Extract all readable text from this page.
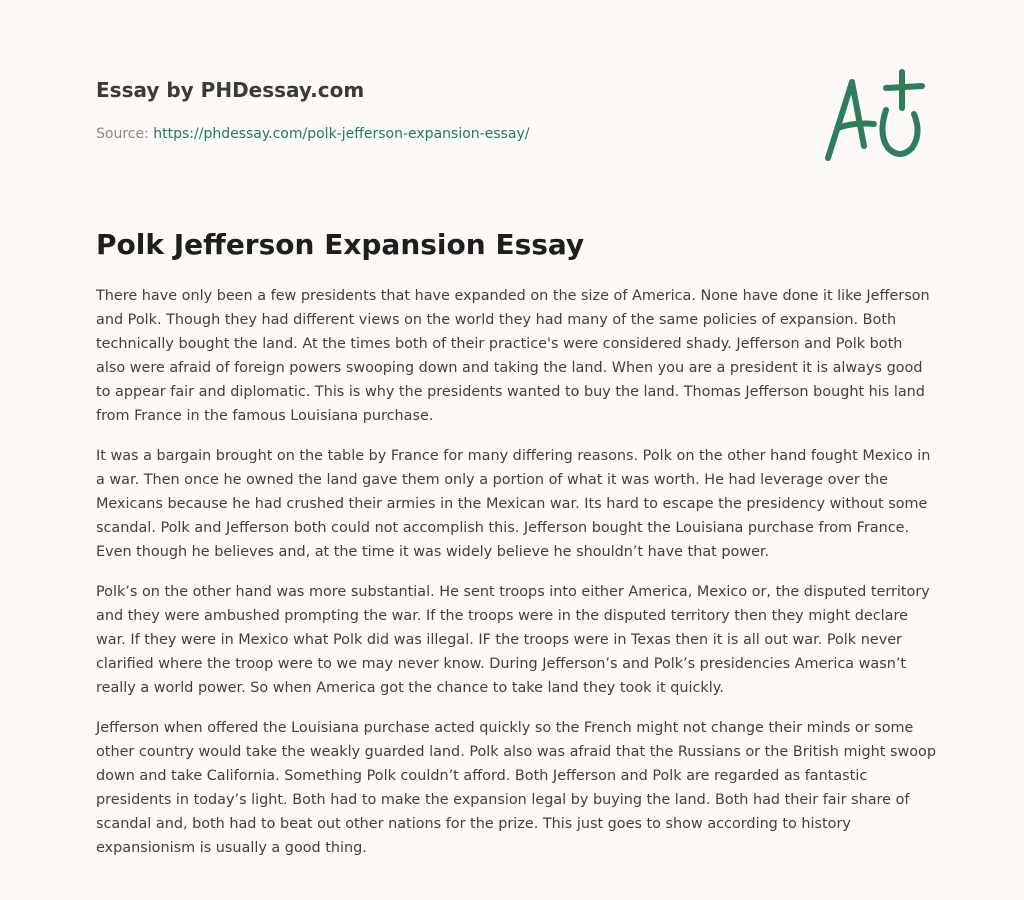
Essay by PHDessay.com
Source: https://phdessay.com/polk-jefferson-expansion-essay/
Polk Jefferson Expansion Essay

There have only been a few presidents that have expanded on the size of America. None have done it like Jefferson and Polk. Though they had different views on the world they had many of the same policies of expansion. Both technically bought the land. At the times both of their practice's were considered shady. Jefferson and Polk both also were afraid of foreign powers swooping down and taking the land. When you are a president it is always good to appear fair and diplomatic. This is why the presidents wanted to buy the land. Thomas Jefferson bought his land from France in the famous Louisiana purchase.

It was a bargain brought on the table by France for many differing reasons. Polk on the other hand fought Mexico in a war. Then once he owned the land gave them only a portion of what it was worth. He had leverage over the Mexicans because he had crushed their armies in the Mexican war. Its hard to escape the presidency without some scandal. Polk and Jefferson both could not accomplish this. Jefferson bought the Louisiana purchase from France. Even though he believes and, at the time it was widely believe he shouldn’t have that power.

Polk’s on the other hand was more substantial. He sent troops into either America, Mexico or, the disputed territory and they were ambushed prompting the war. If the troops were in the disputed territory then they might declare war. If they were in Mexico what Polk did was illegal. IF the troops were in Texas then it is all out war. Polk never clarified where the troop were to we may never know. During Jefferson’s and Polk’s presidencies America wasn’t really a world power. So when America got the chance to take land they took it quickly.

Jefferson when offered the Louisiana purchase acted quickly so the French might not change their minds or some other country would take the weakly guarded land. Polk also was afraid that the Russians or the British might swoop down and take California. Something Polk couldn’t afford. Both Jefferson and Polk are regarded as fantastic presidents in today’s light. Both had to make the expansion legal by buying the land. Both had their fair share of scandal and, both had to beat out other nations for the prize. This just goes to show according to history expansionism is usually a good thing.
